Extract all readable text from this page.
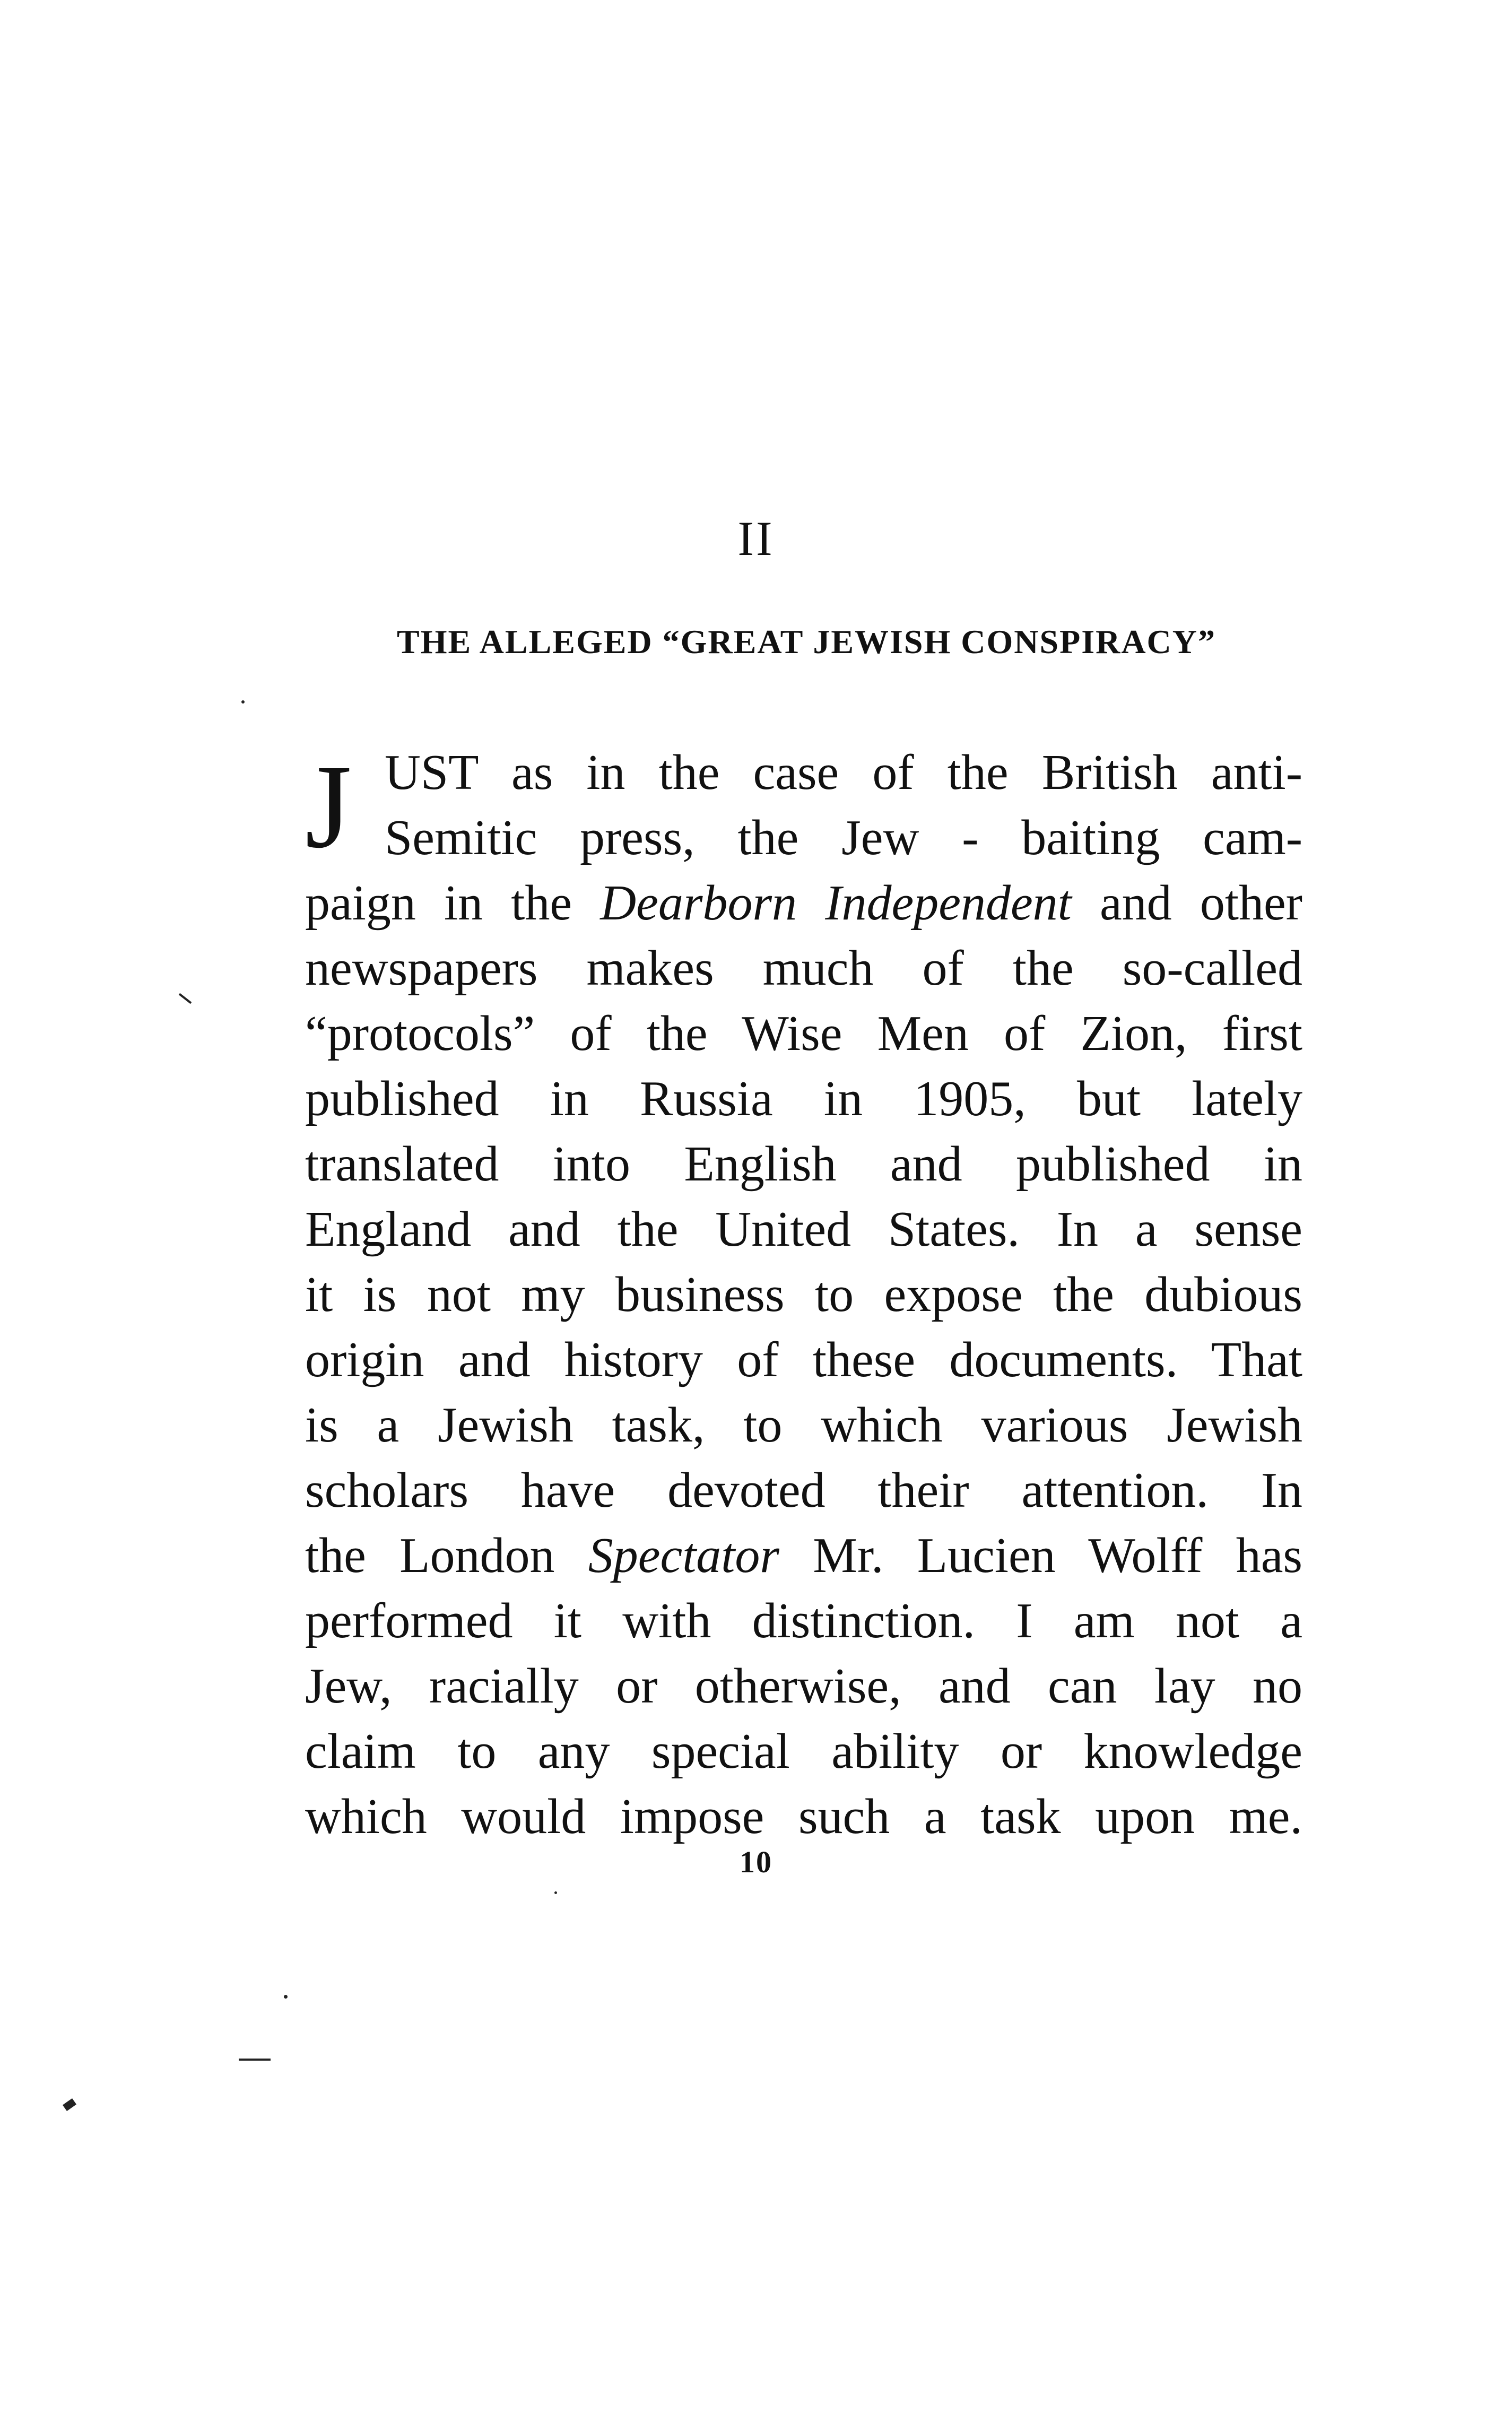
II
THE ALLEGED “GREAT JEWISH CONSPIRACY”
J UST as in the case of the British anti-
Semitic press, the Jew - baiting cam-
paign in the Dearborn Independent and other
newspapers makes much of the so-called
“protocols” of the Wise Men of Zion, first
published in Russia in 1905, but lately
translated into English and published in
England and the United States. In a sense
it is not my business to expose the dubious
origin and history of these documents. That
is a Jewish task, to which various Jewish
scholars have devoted their attention. In
the London Spectator Mr. Lucien Wolff has
performed it with distinction. I am not a
Jew, racially or otherwise, and can lay no
claim to any special ability or knowledge
which would impose such a task upon me.
10
